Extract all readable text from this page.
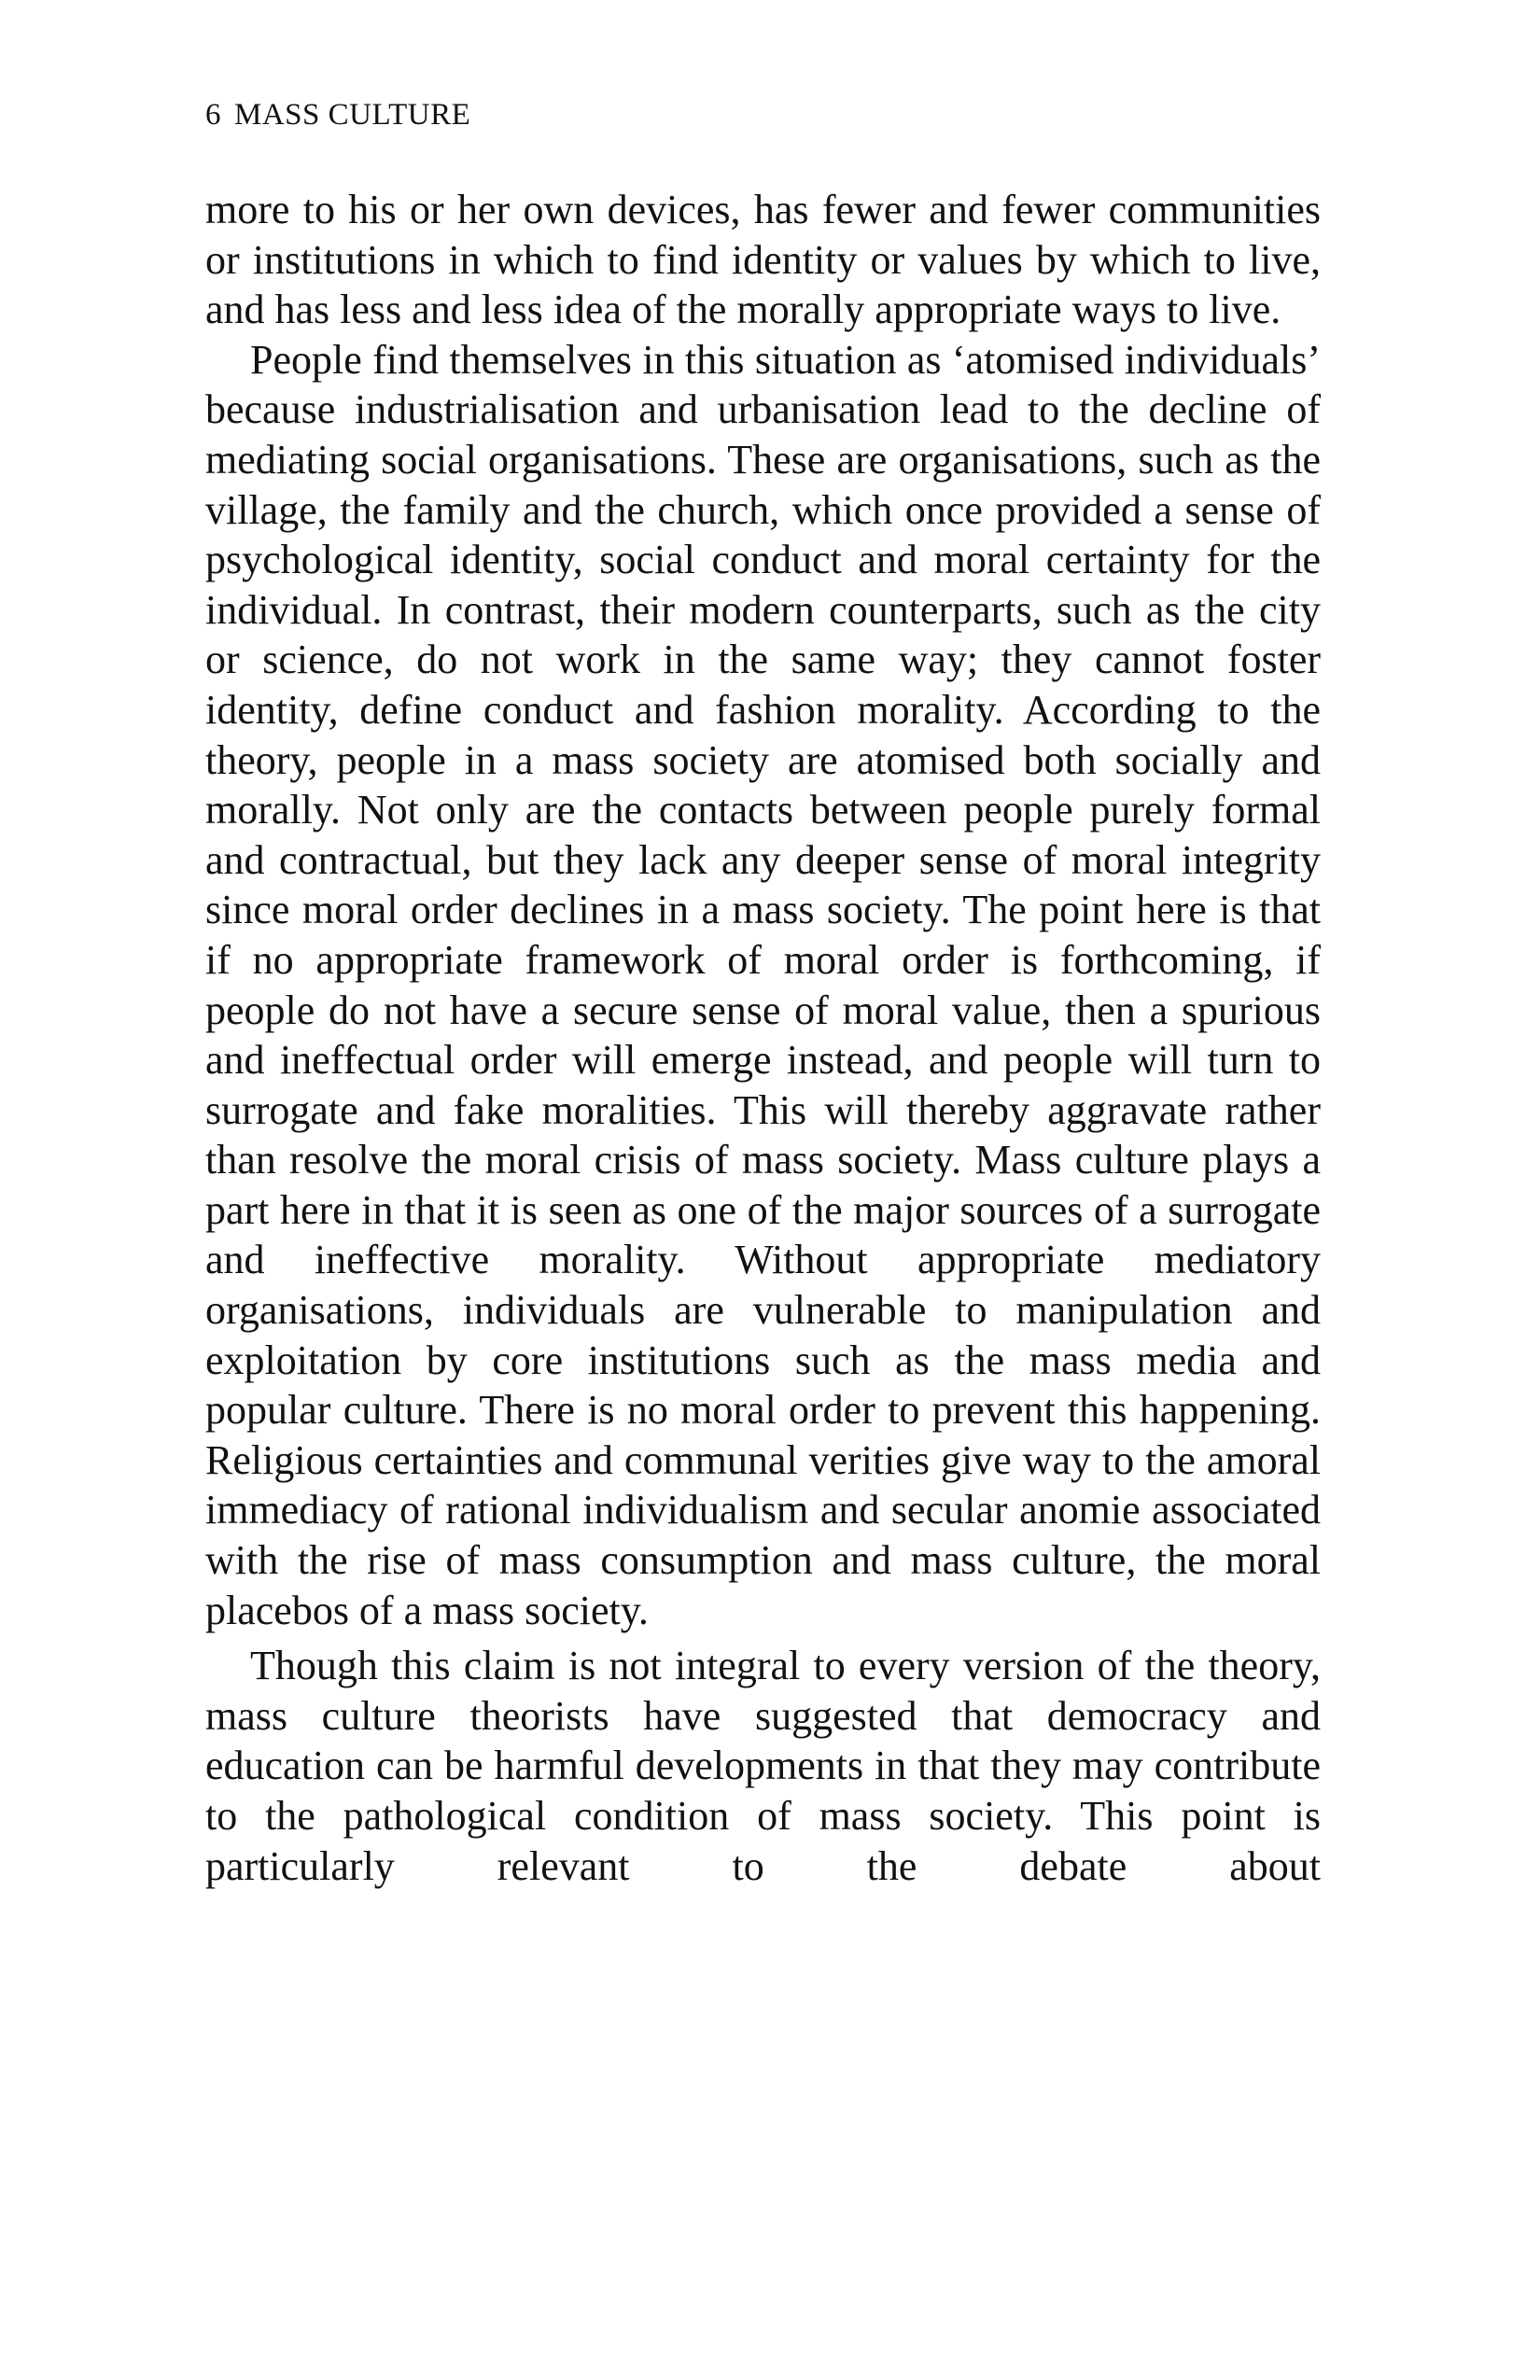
6 MASS CULTURE

more to his or her own devices, has fewer and fewer communities or institutions in which to find identity or values by which to live, and has less and less idea of the morally appropriate ways to live.

People find themselves in this situation as ‘atomised individuals’ because industrialisation and urbanisation lead to the decline of mediating social organisations. These are organisations, such as the village, the family and the church, which once provided a sense of psychological identity, social conduct and moral certainty for the individual. In contrast, their modern counterparts, such as the city or science, do not work in the same way; they cannot foster identity, define conduct and fashion morality. According to the theory, people in a mass society are atomised both socially and morally. Not only are the contacts between people purely formal and contractual, but they lack any deeper sense of moral integrity since moral order declines in a mass society. The point here is that if no appropriate framework of moral order is forthcoming, if people do not have a secure sense of moral value, then a spurious and ineffectual order will emerge instead, and people will turn to surrogate and fake moralities. This will thereby aggravate rather than resolve the moral crisis of mass society. Mass culture plays a part here in that it is seen as one of the major sources of a surrogate and ineffective morality. Without appropriate mediatory organisations, individuals are vulnerable to manipulation and exploitation by core institutions such as the mass media and popular culture. There is no moral order to prevent this happening. Religious certainties and communal verities give way to the amoral immediacy of rational individualism and secular anomie associated with the rise of mass consumption and mass culture, the moral placebos of a mass society.

Though this claim is not integral to every version of the theory, mass culture theorists have suggested that democracy and education can be harmful developments in that they may contribute to the pathological condition of mass society. This point is particularly relevant to the debate about
